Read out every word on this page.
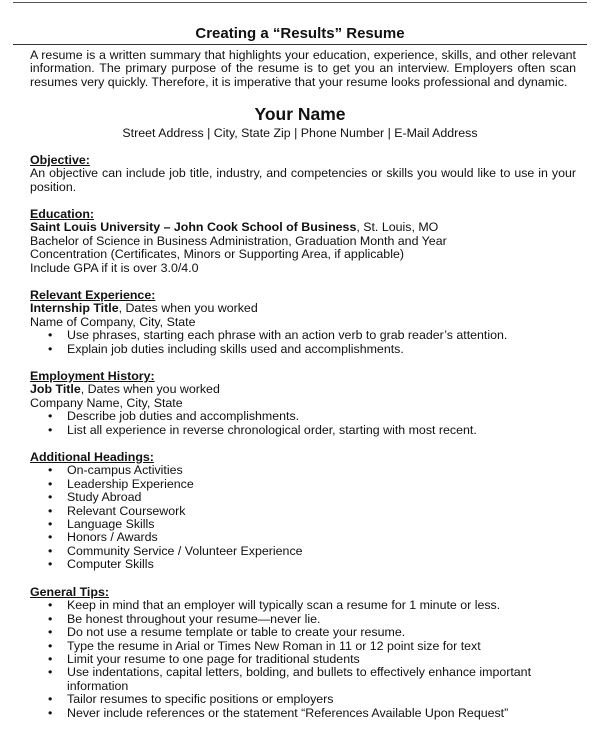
Creating a “Results” Resume
A resume is a written summary that highlights your education, experience, skills, and other relevant information. The primary purpose of the resume is to get you an interview. Employers often scan resumes very quickly. Therefore, it is imperative that your resume looks professional and dynamic.
Your Name
Street Address | City, State Zip | Phone Number | E-Mail Address
Objective:
An objective can include job title, industry, and competencies or skills you would like to use in your position.
Education:
Saint Louis University – John Cook School of Business, St. Louis, MO
Bachelor of Science in Business Administration, Graduation Month and Year
Concentration (Certificates, Minors or Supporting Area, if applicable)
Include GPA if it is over 3.0/4.0
Relevant Experience:
Internship Title, Dates when you worked
Name of Company, City, State
• Use phrases, starting each phrase with an action verb to grab reader’s attention.
• Explain job duties including skills used and accomplishments.
Employment History:
Job Title, Dates when you worked
Company Name, City, State
• Describe job duties and accomplishments.
• List all experience in reverse chronological order, starting with most recent.
Additional Headings:
• On-campus Activities
• Leadership Experience
• Study Abroad
• Relevant Coursework
• Language Skills
• Honors / Awards
• Community Service / Volunteer Experience
• Computer Skills
General Tips:
• Keep in mind that an employer will typically scan a resume for 1 minute or less.
• Be honest throughout your resume—never lie.
• Do not use a resume template or table to create your resume.
• Type the resume in Arial or Times New Roman in 11 or 12 point size for text
• Limit your resume to one page for traditional students
• Use indentations, capital letters, bolding, and bullets to effectively enhance important information
• Tailor resumes to specific positions or employers
• Never include references or the statement “References Available Upon Request”
